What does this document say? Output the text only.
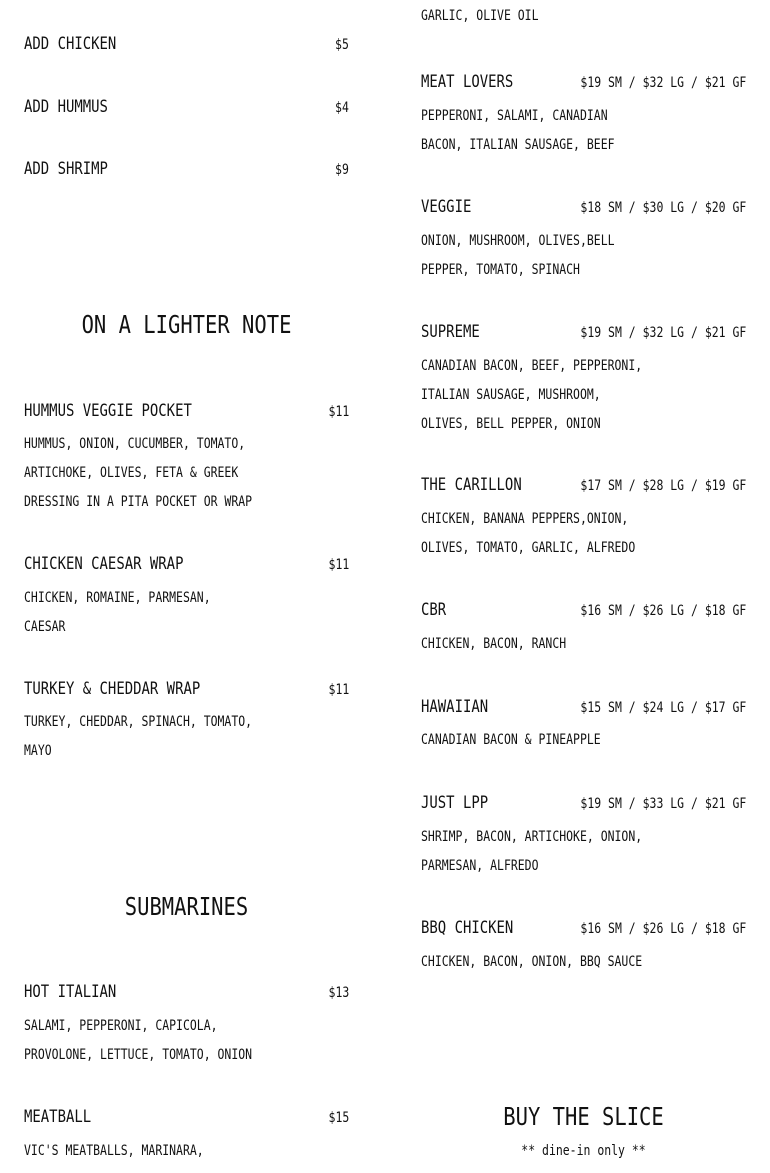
GARLIC, OLIVE OIL
ADD CHICKEN	$5
ADD HUMMUS	$4
ADD SHRIMP	$9
ON A LIGHTER NOTE
HUMMUS VEGGIE POCKET	$11
HUMMUS, ONION, CUCUMBER, TOMATO,
ARTICHOKE, OLIVES, FETA & GREEK
DRESSING IN A PITA POCKET OR WRAP
CHICKEN CAESAR WRAP	$11
CHICKEN, ROMAINE, PARMESAN,
CAESAR
TURKEY & CHEDDAR WRAP	$11
TURKEY, CHEDDAR, SPINACH, TOMATO,
MAYO
SUBMARINES
HOT ITALIAN	$13
SALAMI, PEPPERONI, CAPICOLA,
PROVOLONE, LETTUCE, TOMATO, ONION
MEATBALL	$15
VIC'S MEATBALLS, MARINARA,
MEAT LOVERS	$19 SM / $32 LG / $21 GF
PEPPERONI, SALAMI, CANADIAN
BACON, ITALIAN SAUSAGE, BEEF
VEGGIE	$18 SM / $30 LG / $20 GF
ONION, MUSHROOM, OLIVES,BELL
PEPPER, TOMATO, SPINACH
SUPREME	$19 SM / $32 LG / $21 GF
CANADIAN BACON, BEEF, PEPPERONI,
ITALIAN SAUSAGE, MUSHROOM,
OLIVES, BELL PEPPER, ONION
THE CARILLON	$17 SM / $28 LG / $19 GF
CHICKEN, BANANA PEPPERS,ONION,
OLIVES, TOMATO, GARLIC, ALFREDO
CBR	$16 SM / $26 LG / $18 GF
CHICKEN, BACON, RANCH
HAWAIIAN	$15 SM / $24 LG / $17 GF
CANADIAN BACON & PINEAPPLE
JUST LPP	$19 SM / $33 LG / $21 GF
SHRIMP, BACON, ARTICHOKE, ONION,
PARMESAN, ALFREDO
BBQ CHICKEN	$16 SM / $26 LG / $18 GF
CHICKEN, BACON, ONION, BBQ SAUCE
BUY THE SLICE
** dine-in only **
